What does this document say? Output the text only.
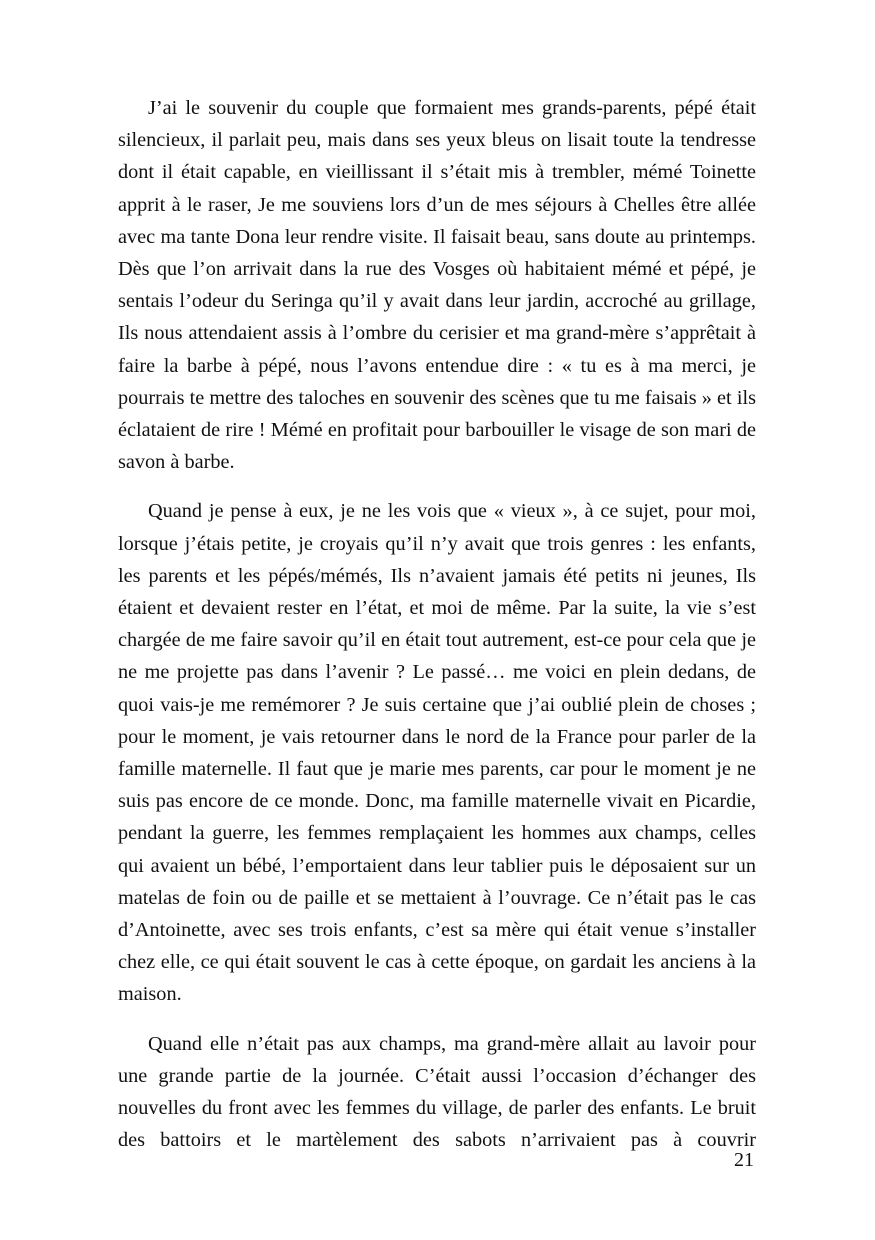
J’ai le souvenir du couple que formaient mes grands-parents, pépé était silencieux, il parlait peu, mais dans ses yeux bleus on lisait toute la tendresse dont il était capable, en vieillissant il s’était mis à trembler, mémé Toinette apprit à le raser, Je me souviens lors d’un de mes séjours à Chelles être allée avec ma tante Dona leur rendre visite. Il faisait beau, sans doute au printemps. Dès que l’on arrivait dans la rue des Vosges où habitaient mémé et pépé, je sentais l’odeur du Seringa qu’il y avait dans leur jardin, accroché au grillage, Ils nous attendaient assis à l’ombre du cerisier et ma grand-mère s’apprêtait à faire la barbe à pépé, nous l’avons entendue dire : « tu es à ma merci, je pourrais te mettre des taloches en souvenir des scènes que tu me faisais » et ils éclataient de rire ! Mémé en profitait pour barbouiller le visage de son mari de savon à barbe.

Quand je pense à eux, je ne les vois que « vieux », à ce sujet, pour moi, lorsque j’étais petite, je croyais qu’il n’y avait que trois genres : les enfants, les parents et les pépés/mémés, Ils n’avaient jamais été petits ni jeunes, Ils étaient et devaient rester en l’état, et moi de même. Par la suite, la vie s’est chargée de me faire savoir qu’il en était tout autrement, est-ce pour cela que je ne me projette pas dans l’avenir ? Le passé… me voici en plein dedans, de quoi vais-je me remémorer ? Je suis certaine que j’ai oublié plein de choses ; pour le moment, je vais retourner dans le nord de la France pour parler de la famille maternelle. Il faut que je marie mes parents, car pour le moment je ne suis pas encore de ce monde. Donc, ma famille maternelle vivait en Picardie, pendant la guerre, les femmes remplaçaient les hommes aux champs, celles qui avaient un bébé, l’emportaient dans leur tablier puis le déposaient sur un matelas de foin ou de paille et se mettaient à l’ouvrage. Ce n’était pas le cas d’Antoinette, avec ses trois enfants, c’est sa mère qui était venue s’installer chez elle, ce qui était souvent le cas à cette époque, on gardait les anciens à la maison.

Quand elle n’était pas aux champs, ma grand-mère allait au lavoir pour une grande partie de la journée. C’était aussi l’occasion d’échanger des nouvelles du front avec les femmes du village, de parler des enfants. Le bruit des battoirs et le martèlement des sabots n’arrivaient pas à couvrir

21
